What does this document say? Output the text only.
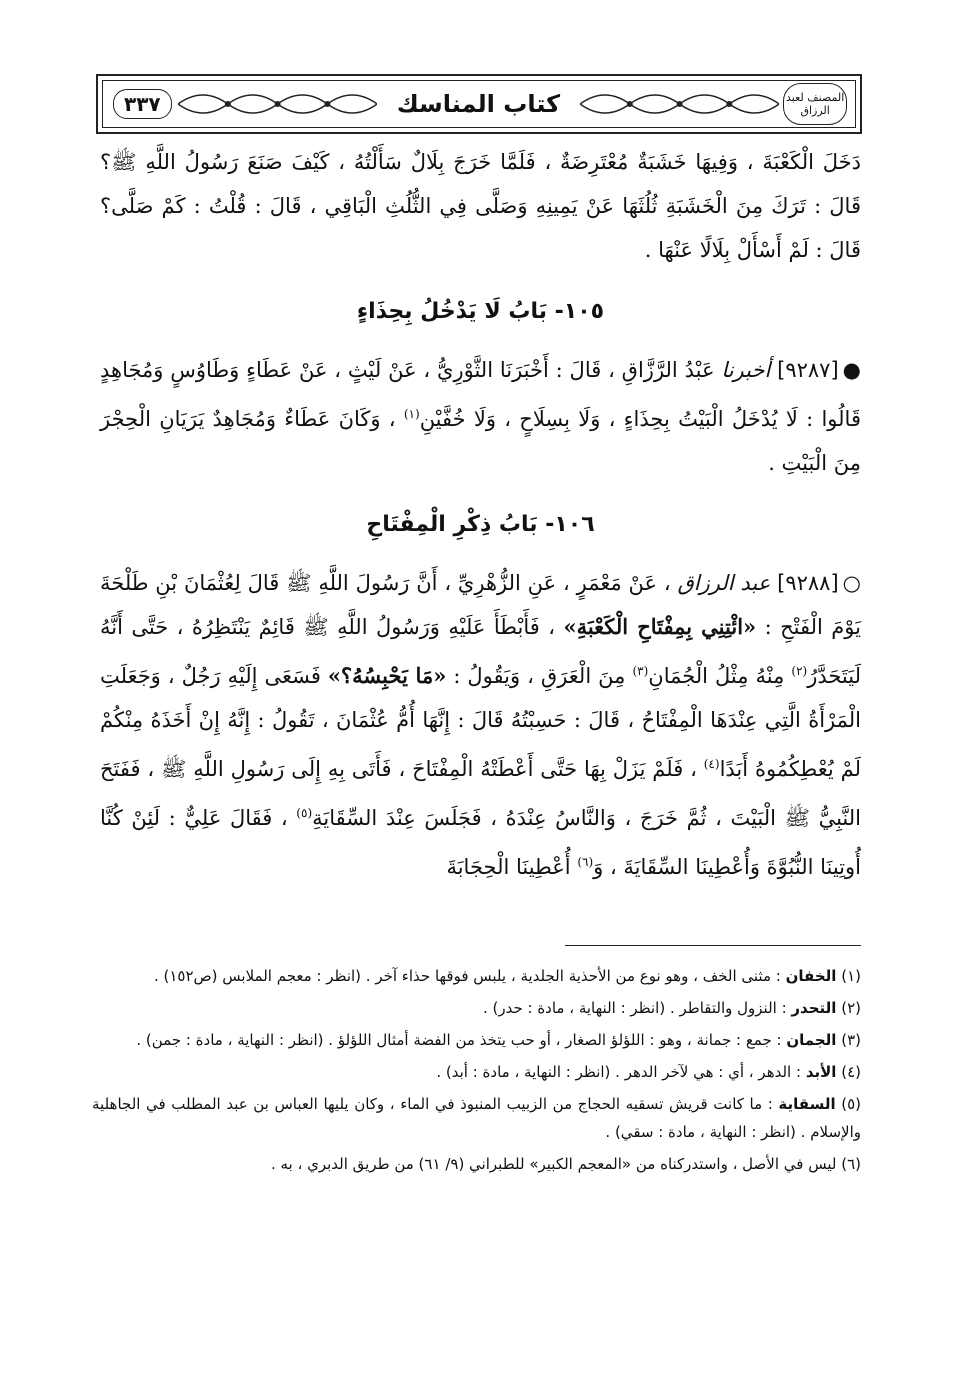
٣٣٧	كتاب المناسك	المصنف لعبد الرزاق

دَخَلَ الْكَعْبَةَ ، وَفِيهَا خَشَبَةٌ مُعْتَرِضَةٌ ، فَلَمَّا خَرَجَ بِلَالٌ سَأَلْتُهُ ، كَيْفَ صَنَعَ رَسُولُ اللَّهِ ﷺ؟ قَالَ : تَرَكَ مِنَ الْخَشَبَةِ ثُلُثَهَا عَنْ يَمِينِهِ وَصَلَّى فِي الثُّلُثِ الْبَاقِي ، قَالَ : قُلْتُ : كَمْ صَلَّى؟ قَالَ : لَمْ أَسْأَلْ بِلَالًا عَنْهَا .

١٠٥- بَابُ لَا يَدْخُلُ بِحِذَاءٍ

●[٩٢٨٧] أخبرنا عَبْدُ الرَّزَّاقِ ، قَالَ : أَخْبَرَنَا الثَّوْرِيُّ ، عَنْ لَيْثٍ ، عَنْ عَطَاءٍ وَطَاوُسٍ وَمُجَاهِدٍ قَالُوا : لَا يُدْخَلُ الْبَيْتُ بِحِذَاءٍ ، وَلَا بِسِلَاحٍ ، وَلَا خُفَّيْنِ$^{(١)}$ ، وَكَانَ عَطَاءٌ وَمُجَاهِدٌ يَرَيَانِ الْحِجْرَ مِنَ الْبَيْتِ .

١٠٦- بَابُ ذِكْرِ الْمِفْتَاحِ

○[٩٢٨٨] عبد الرزاق ، عَنْ مَعْمَرٍ ، عَنِ الزُّهْرِيِّ ، أَنَّ رَسُولَ اللَّهِ ﷺ قَالَ لِعُثْمَانَ بْنِ طَلْحَةَ يَوْمَ الْفَتْحِ : «ائْتِنِي بِمِفْتَاحِ الْكَعْبَةِ» ، فَأَبْطَأَ عَلَيْهِ وَرَسُولُ اللَّهِ ﷺ قَائِمٌ يَنْتَظِرُهُ ، حَتَّى أَنَّهُ لَيَتَحَدَّرُ$^{(٢)}$ مِنْهُ مِثْلُ الْجُمَانِ$^{(٣)}$ مِنَ الْعَرَقِ ، وَيَقُولُ : «مَا يَحْبِسُهُ؟» فَسَعَى إِلَيْهِ رَجُلٌ ، وَجَعَلَتِ الْمَرْأَةُ الَّتِي عِنْدَهَا الْمِفْتَاحُ ، قَالَ : حَسِبْتُهُ قَالَ : إِنَّهَا أُمُّ عُثْمَانَ ، تَقُولُ : إِنَّهُ إِنْ أَخَذَهُ مِنْكُمْ لَمْ يُعْطِكُمُوهُ أَبَدًا$^{(٤)}$ ، فَلَمْ يَزَلْ بِهَا حَتَّى أَعْطَتْهُ الْمِفْتَاحَ ، فَأَتَى بِهِ إِلَى رَسُولِ اللَّهِ ﷺ ، فَفَتَحَ النَّبِيُّ ﷺ الْبَيْتَ ، ثُمَّ خَرَجَ ، وَالنَّاسُ عِنْدَهُ ، فَجَلَسَ عِنْدَ السِّقَايَةِ$^{(٥)}$ ، فَقَالَ عَلِيٌّ : لَئِنْ كُنَّا أُوتِينَا النُّبُوَّةَ وَأُعْطِينَا السِّقَايَةَ ، وَ$^{(٦)}$ أُعْطِينَا الْحِجَابَةَ

(١) الخفان : مثنى الخف ، وهو نوع من الأحذية الجلدية ، يلبس فوقها حذاء آخر . (انظر : معجم الملابس (ص١٥٢) .

(٢) التحدر : النزول والتقاطر . (انظر : النهاية ، مادة : حدر) .

(٣) الجمان : جمع : جمانة ، وهو : اللؤلؤ الصغار ، أو حب يتخذ من الفضة أمثال اللؤلؤ . (انظر : النهاية ، مادة : جمن) .

(٤) الأبد : الدهر ، أي : هي لآخر الدهر . (انظر : النهاية ، مادة : أبد) .

(٥) السقاية : ما كانت قريش تسقيه الحجاج من الزبيب المنبوذ في الماء ، وكان يليها العباس بن عبد المطلب في الجاهلية والإسلام . (انظر : النهاية ، مادة : سقي) .

(٦) ليس في الأصل ، واستدركناه من «المعجم الكبير» للطبراني (٩/ ٦١) من طريق الدبري ، به .
